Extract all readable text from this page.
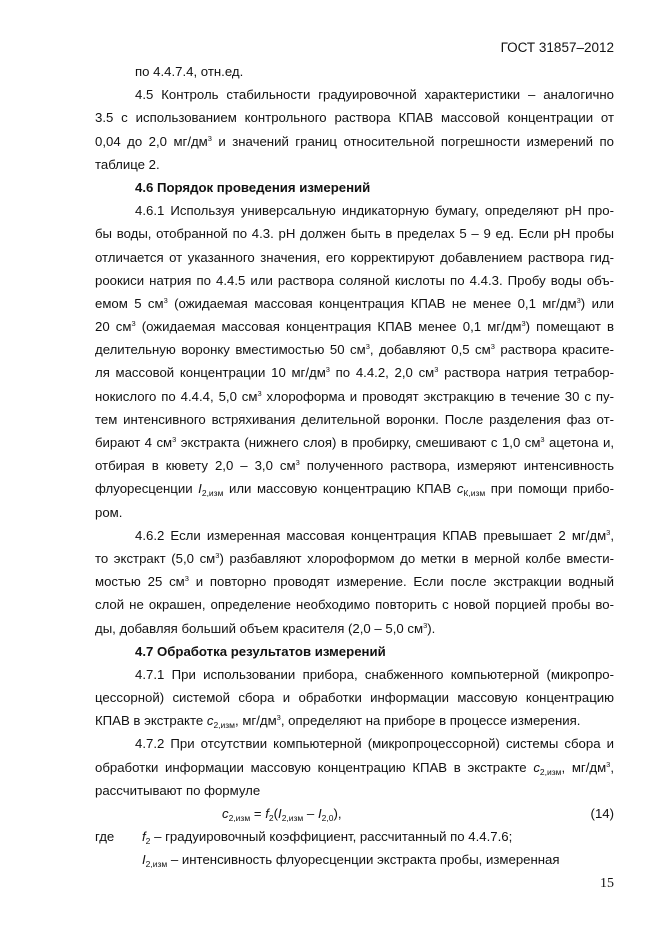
ГОСТ 31857–2012
по 4.4.7.4, отн.ед.
4.5 Контроль стабильности градуировочной характеристики – аналогично
3.5 с использованием контрольного раствора КПАВ массовой концентрации от
0,04 до 2,0 $мг/дм^3$ и значений границ относительной погрешности измерений по
таблице 2.
4.6 Порядок проведения измерений
4.6.1 Используя универсальную индикаторную бумагу, определяют рН про-
бы воды, отобранной по 4.3. рН должен быть в пределах 5 – 9 ед. Если рН пробы
отличается от указанного значения, его корректируют добавлением раствора гид-
роокиси натрия по 4.4.5 или раствора соляной кислоты по 4.4.3. Пробу воды объ-
емом 5 $см^3$ (ожидаемая массовая концентрация КПАВ не менее 0,1 $мг/дм^3$) или
20 $см^3$ (ожидаемая массовая концентрация КПАВ менее 0,1 $мг/дм^3$) помещают в
делительную воронку вместимостью 50 $см^3$, добавляют 0,5 $см^3$ раствора красите-
ля массовой концентрации 10 $мг/дм^3$ по 4.4.2, 2,0 $см^3$ раствора натрия тетрабор-
нокислого по 4.4.4, 5,0 $см^3$ хлороформа и проводят экстракцию в течение 30 с пу-
тем интенсивного встряхивания делительной воронки. После разделения фаз от-
бирают 4 $см^3$ экстракта (нижнего слоя) в пробирку, смешивают с 1,0 $см^3$ ацетона и,
отбирая в кювету 2,0 – 3,0 $см^3$ полученного раствора, измеряют интенсивность
флуоресценции $I_{2,изм}$ или массовую концентрацию КПАВ $c_{К,изм}$ при помощи прибо-
ром.
4.6.2 Если измеренная массовая концентрация КПАВ превышает 2 $мг/дм^3$,
то экстракт (5,0 $см^3$) разбавляют хлороформом до метки в мерной колбе вмести-
мостью 25 $см^3$ и повторно проводят измерение. Если после экстракции водный
слой не окрашен, определение необходимо повторить с новой порцией пробы во-
ды, добавляя больший объем красителя (2,0 – 5,0 $см^3$).
4.7 Обработка результатов измерений
4.7.1 При использовании прибора, снабженного компьютерной (микропро-
цессорной) системой сбора и обработки информации массовую концентрацию
КПАВ в экстракте $c_{2,изм}$, $мг/дм^3$, определяют на приборе в процессе измерения.
4.7.2 При отсутствии компьютерной (микропроцессорной) системы сбора и
обработки информации массовую концентрацию КПАВ в экстракте $c_{2,изм}$, $мг/дм^3$,
рассчитывают по формуле
$c_{2,изм} = f_2(I_{2,изм} - I_{2,0})$,	(14)
где $f_2$ – градуировочный коэффициент, рассчитанный по 4.4.7.6;
$I_{2,изм}$ – интенсивность флуоресценции экстракта пробы, измеренная
15
